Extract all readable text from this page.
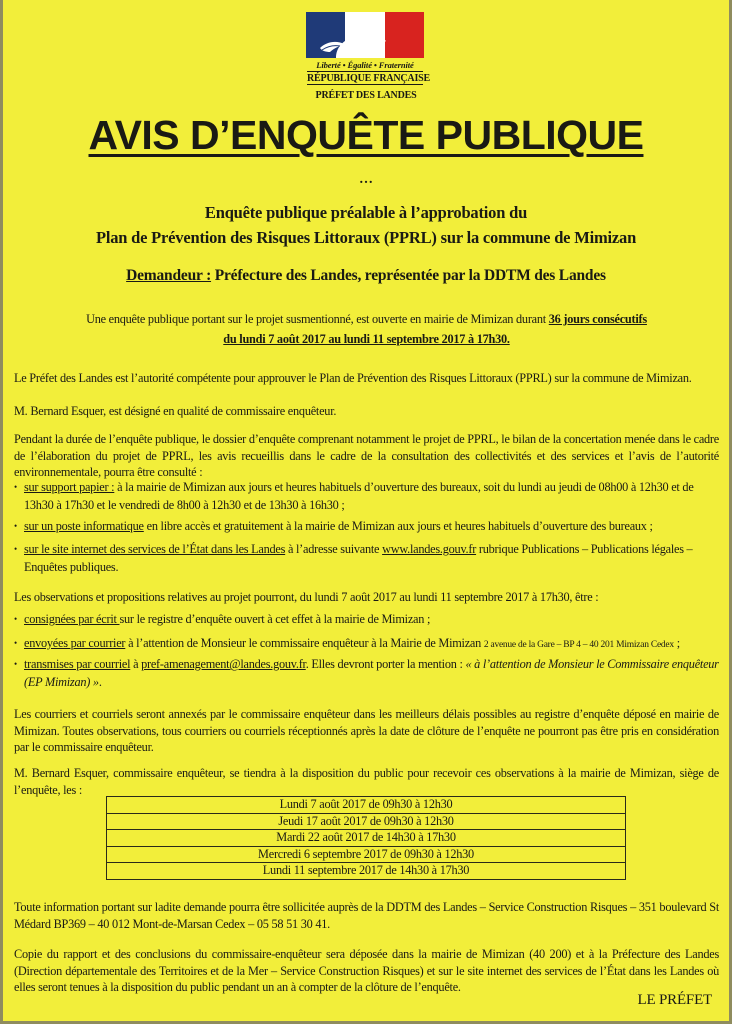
Liberté • Égalité • Fraternité
RÉPUBLIQUE FRANÇAISE
PRÉFET DES LANDES
AVIS D’ENQUÊTE PUBLIQUE
…
Enquête publique préalable à l’approbation du
Plan de Prévention des Risques Littoraux (PPRL) sur la commune de Mimizan
Demandeur : Préfecture des Landes, représentée par la DDTM des Landes
Une enquête publique portant sur le projet susmentionné, est ouverte en mairie de Mimizan durant 36 jours consécutifs
du lundi 7 août 2017 au lundi 11 septembre 2017 à 17h30.
Le Préfet des Landes est l’autorité compétente pour approuver le Plan de Prévention des Risques Littoraux (PPRL) sur la commune de Mimizan.
M. Bernard Esquer, est désigné en qualité de commissaire enquêteur.
Pendant la durée de l’enquête publique, le dossier d’enquête comprenant notamment le projet de PPRL, le bilan de la concertation menée dans le cadre de l’élaboration du projet de PPRL, les avis recueillis dans le cadre de la consultation des collectivités et des services et l’avis de l’autorité environnementale, pourra être consulté :
• sur support papier : à la mairie de Mimizan aux jours et heures habituels d’ouverture des bureaux, soit du lundi au jeudi de 08h00 à 12h30 et de 13h30 à 17h30 et le vendredi de 8h00 à 12h30 et de 13h30 à 16h30 ;
• sur un poste informatique en libre accès et gratuitement à la mairie de Mimizan aux jours et heures habituels d’ouverture des bureaux ;
• sur le site internet des services de l’État dans les Landes à l’adresse suivante www.landes.gouv.fr rubrique Publications – Publications légales – Enquêtes publiques.
Les observations et propositions relatives au projet pourront, du lundi 7 août 2017 au lundi 11 septembre 2017 à 17h30, être :
• consignées par écrit sur le registre d’enquête ouvert à cet effet à la mairie de Mimizan ;
• envoyées par courrier à l’attention de Monsieur le commissaire enquêteur à la Mairie de Mimizan 2 avenue de la Gare – BP 4 – 40 201 Mimizan Cedex ;
• transmises par courriel à pref-amenagement@landes.gouv.fr. Elles devront porter la mention : « à l’attention de Monsieur le Commissaire enquêteur (EP Mimizan) ».
Les courriers et courriels seront annexés par le commissaire enquêteur dans les meilleurs délais possibles au registre d’enquête déposé en mairie de Mimizan. Toutes observations, tous courriers ou courriels réceptionnés après la date de clôture de l’enquête ne pourront pas être pris en considération par le commissaire enquêteur.
M. Bernard Esquer, commissaire enquêteur, se tiendra à la disposition du public pour recevoir ces observations à la mairie de Mimizan, siège de l’enquête, les :
Lundi 7 août 2017 de 09h30 à 12h30
Jeudi 17 août 2017 de 09h30 à 12h30
Mardi 22 août 2017 de 14h30 à 17h30
Mercredi 6 septembre 2017 de 09h30 à 12h30
Lundi 11 septembre 2017 de 14h30 à 17h30
Toute information portant sur ladite demande pourra être sollicitée auprès de la DDTM des Landes – Service Construction Risques – 351 boulevard St Médard BP369 – 40 012 Mont-de-Marsan Cedex – 05 58 51 30 41.
Copie du rapport et des conclusions du commissaire-enquêteur sera déposée dans la mairie de Mimizan (40 200) et à la Préfecture des Landes (Direction départementale des Territoires et de la Mer – Service Construction Risques) et sur le site internet des services de l’État dans les Landes où elles seront tenues à la disposition du public pendant un an à compter de la clôture de l’enquête.
LE PRÉFET
